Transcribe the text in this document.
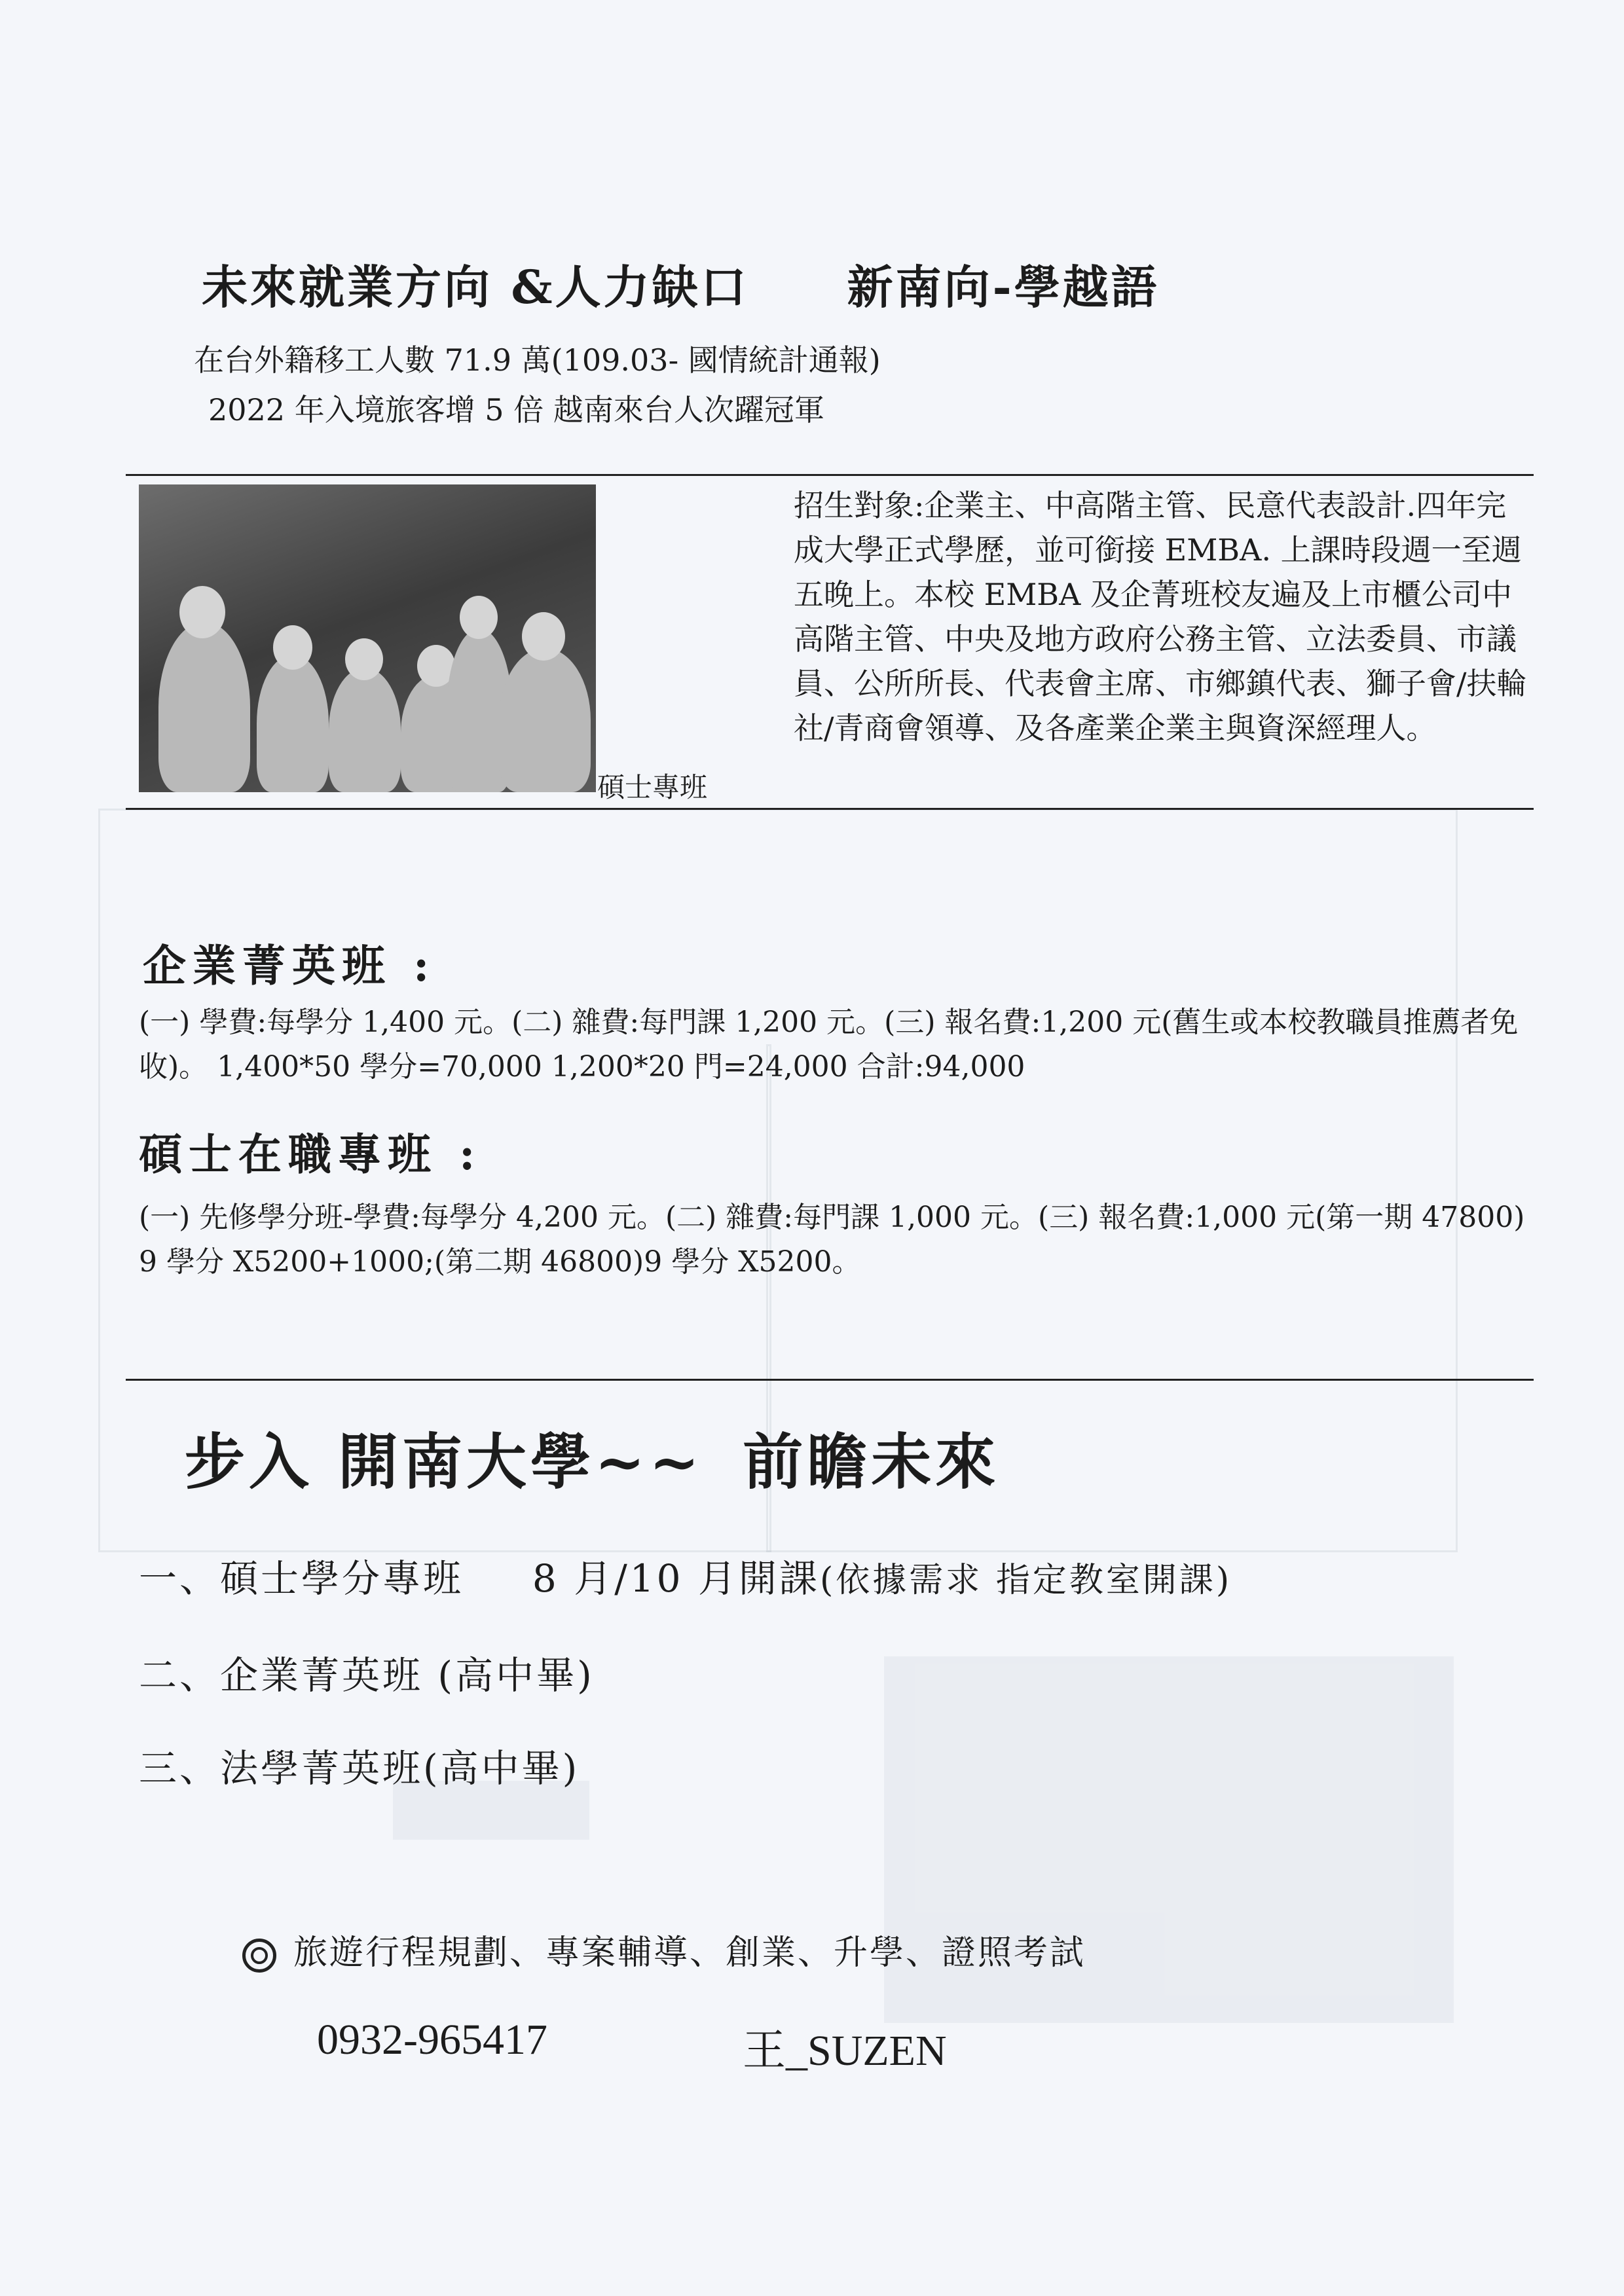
未來就業方向 &人力缺口 新南向-學越語
在台外籍移工人數 71.9 萬(109.03- 國情統計通報)
2022 年入境旅客增 5 倍 越南來台人次躍冠軍
碩士專班
招生對象:企業主、中高階主管、民意代表設計.四年完成大學正式學歷，並可銜接 EMBA. 上課時段週一至週五晚上。本校 EMBA 及企菁班校友遍及上市櫃公司中高階主管、中央及地方政府公務主管、立法委員、市議員、公所所長、代表會主席、市鄉鎮代表、獅子會/扶輪社/青商會領導、及各產業企業主與資深經理人。
企業菁英班 :
(一) 學費:每學分 1,400 元。(二) 雜費:每門課 1,200 元。(三) 報名費:1,200 元(舊生或本校教職員推薦者免收)。 1,400*50 學分=70,000 1,200*20 門=24,000 合計:94,000
碩士在職專班 :
(一) 先修學分班-學費:每學分 4,200 元。(二) 雜費:每門課 1,000 元。(三) 報名費:1,000 元(第一期 47800) 9 學分 X5200+1000;(第二期 46800)9 學分 X5200。
步入 開南大學~~ 前瞻未來
一、碩士學分專班 8 月/10 月開課(依據需求 指定教室開課)
二、企業菁英班 (高中畢)
三、法學菁英班(高中畢)
旅遊行程規劃、專案輔導、創業、升學、證照考試
0932-965417	王_SUZEN
